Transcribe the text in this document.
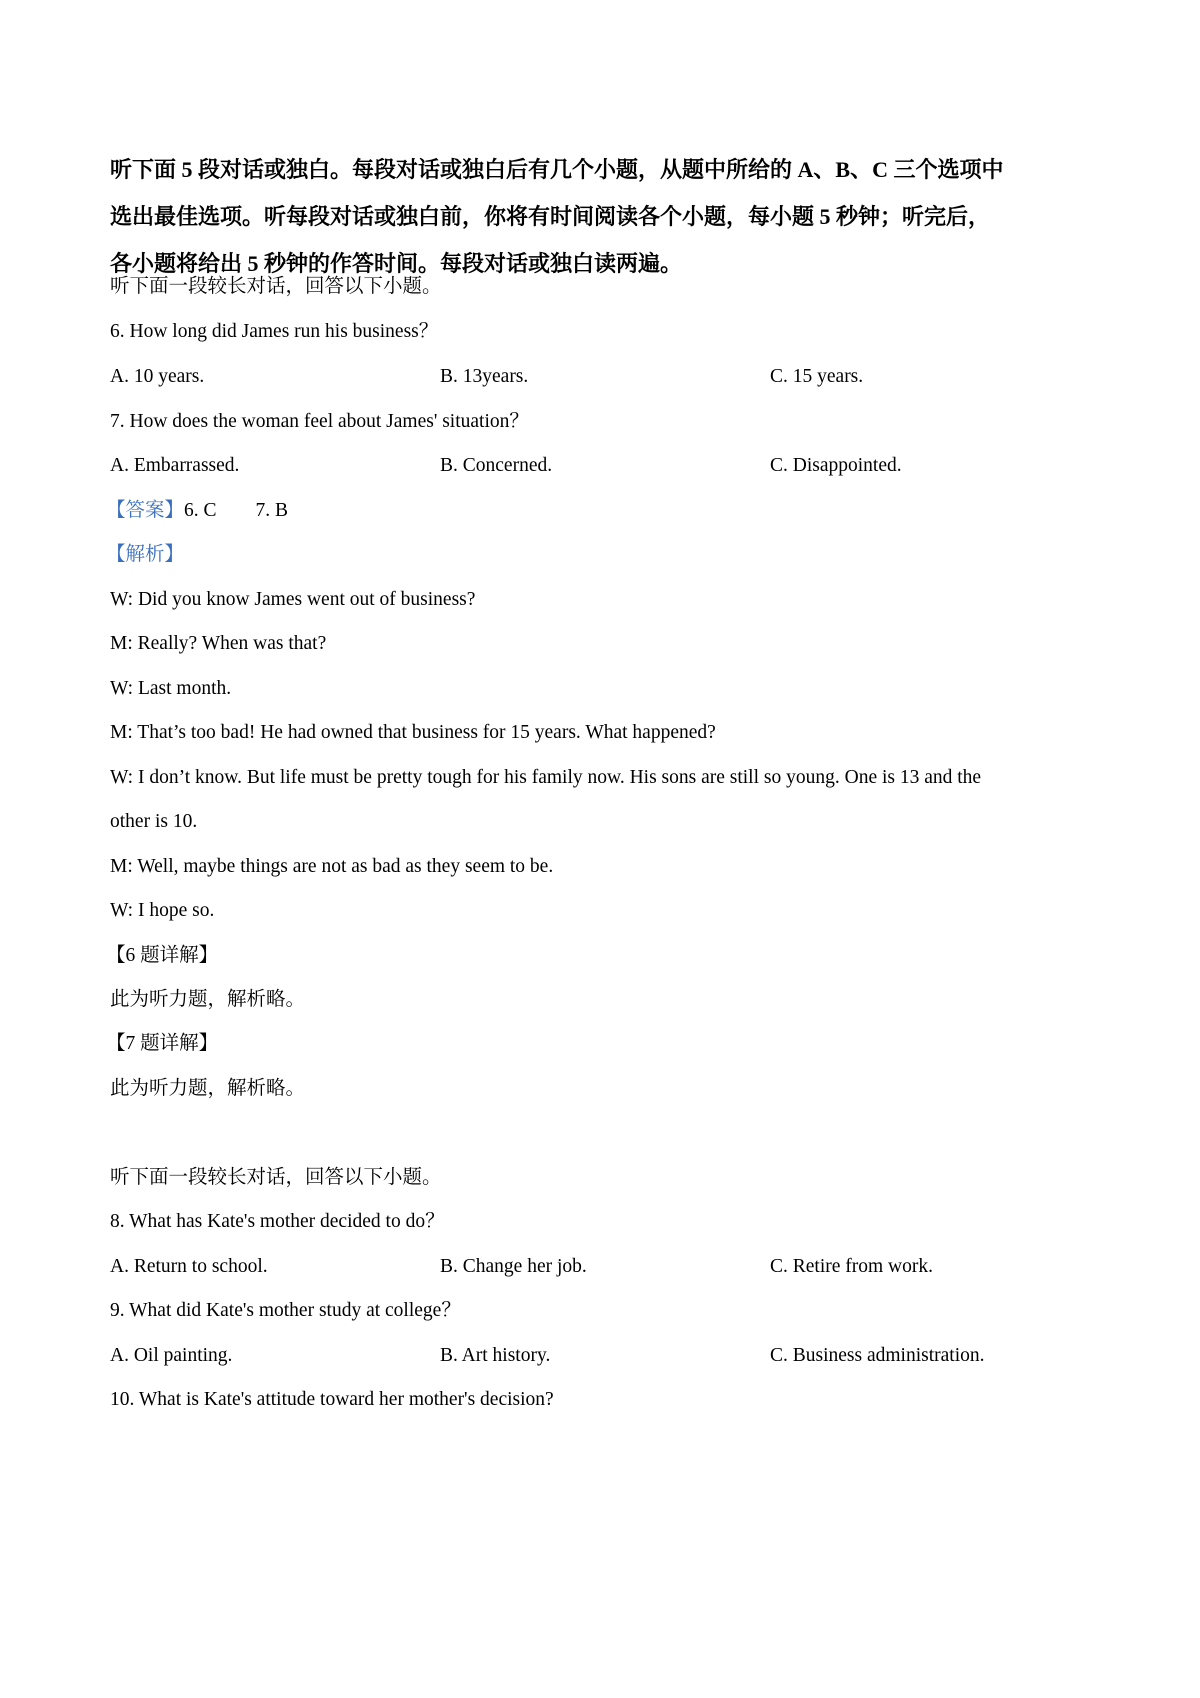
听下面 5 段对话或独白。每段对话或独白后有几个小题，从题中所给的 A、B、C 三个选项中
选出最佳选项。听每段对话或独白前，你将有时间阅读各个小题，每小题 5 秒钟；听完后，
各小题将给出 5 秒钟的作答时间。每段对话或独白读两遍。
听下面一段较长对话，回答以下小题。
6. How long did James run his business？
A. 10 years.	B. 13years.	C. 15 years.
7. How does the woman feel about James' situation？
A. Embarrassed.	B. Concerned.	C. Disappointed.
【答案】6. C        7. B
【解析】
W: Did you know James went out of business?
M: Really? When was that?
W: Last month.
M: That’s too bad! He had owned that business for 15 years. What happened?
W: I don’t know. But life must be pretty tough for his family now. His sons are still so young. One is 13 and the
other is 10.
M: Well, maybe things are not as bad as they seem to be.
W: I hope so.
【6 题详解】
此为听力题，解析略。
【7 题详解】
此为听力题，解析略。
听下面一段较长对话，回答以下小题。
8. What has Kate's mother decided to do？
A. Return to school.	B. Change her job.	C. Retire from work.
9. What did Kate's mother study at college？
A. Oil painting.	B. Art history.	C. Business administration.
10. What is Kate's attitude toward her mother's decision?
